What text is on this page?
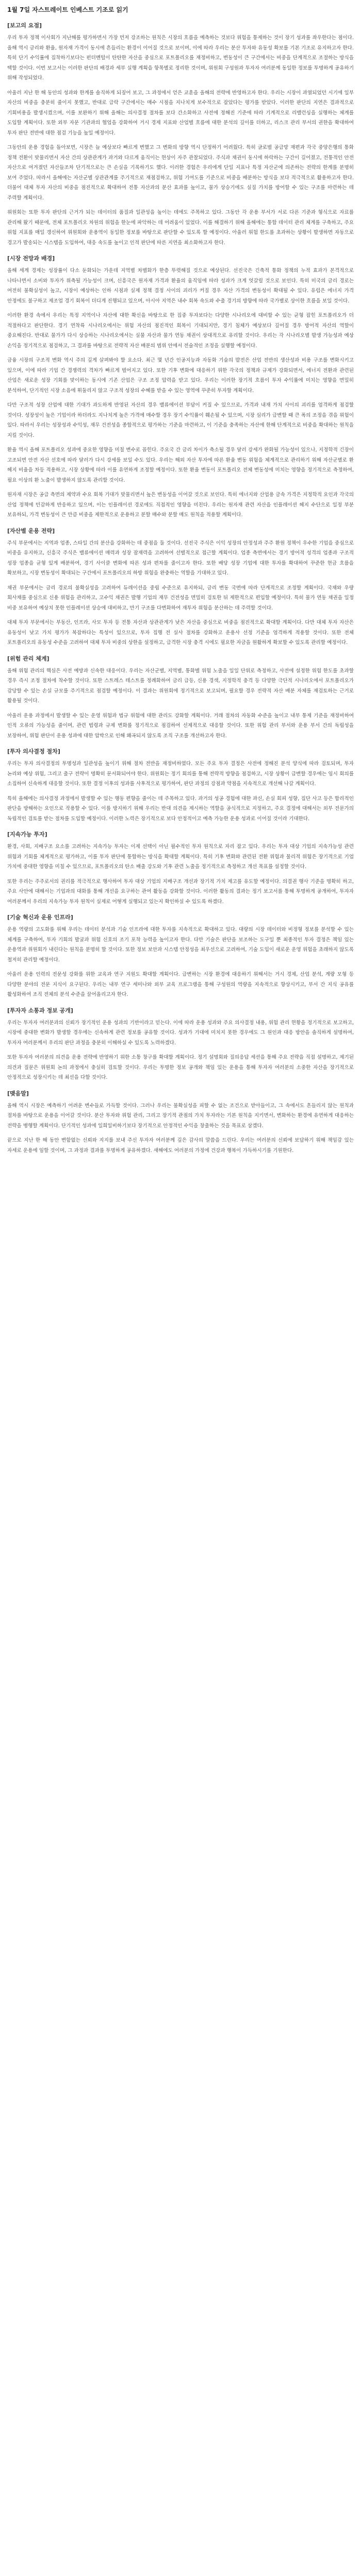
1월 7일 자스트레이트 인베스트 기조로 읽기
[보고의 요점]

우리 투자 정책 이사회가 지난해를 평가하면서 가장 먼저 강조하는 원칙은 시장의 흐름을 예측하는 것보다 위험을 통제하는 것이 장기 성과를 좌우한다는 점이다. 올해 역시 금리와 환율, 원자재 가격이 동시에 흔들리는 환경이 이어질 것으로 보이며, 이에 따라 우리는 분산 투자와 유동성 확보를 기본 기조로 유지하고자 한다. 특히 단기 수익률에 집착하기보다는 펀더멘털이 탄탄한 자산을 중심으로 포트폴리오를 재정비하고, 변동성이 큰 구간에서는 비중을 단계적으로 조절하는 방식을 택할 것이다. 이번 보고서는 이러한 판단의 배경과 세부 실행 계획을 항목별로 정리한 것이며, 위원회 구성원과 투자자 여러분께 동일한 정보를 투명하게 공유하기 위해 작성되었다.

아울러 지난 한 해 동안의 성과와 한계를 솔직하게 되짚어 보고, 그 과정에서 얻은 교훈을 올해의 전략에 반영하고자 한다. 우리는 시장이 과열되었던 시기에 일부 자산의 비중을 충분히 줄이지 못했고, 반대로 급락 구간에서는 매수 시점을 지나치게 보수적으로 잡았다는 평가를 받았다. 이러한 판단의 지연은 결과적으로 기회비용을 발생시켰으며, 이를 보완하기 위해 올해는 의사결정 절차를 보다 간소화하고 사전에 정해진 기준에 따라 기계적으로 리밸런싱을 실행하는 체계를 도입할 계획이다. 또한 외부 자문 기관과의 협업을 강화하여 거시 경제 지표와 산업별 흐름에 대한 분석의 깊이를 더하고, 리스크 관리 부서의 권한을 확대하여 투자 판단 전반에 대한 점검 기능을 높일 예정이다.

그동안의 운용 경험을 돌아보면, 시장은 늘 예상보다 빠르게 변했고 그 변화의 방향 역시 단정하기 어려웠다. 특히 글로벌 공급망 재편과 각국 중앙은행의 통화 정책 전환이 맞물리면서 자산 간의 상관관계가 과거와 다르게 움직이는 현상이 자주 관찰되었다. 주식과 채권이 동시에 하락하는 구간이 길어졌고, 전통적인 안전 자산으로 여겨졌던 자산들조차 단기적으로는 큰 손실을 기록하기도 했다. 이러한 경험은 우리에게 단일 지표나 특정 자산군에 의존하는 전략의 한계를 분명히 보여 주었다. 따라서 올해에는 자산군별 상관관계를 주기적으로 재점검하고, 위험 기여도를 기준으로 비중을 배분하는 방식을 보다 적극적으로 활용하고자 한다. 더불어 대체 투자 자산의 비중을 점진적으로 확대하여 전통 자산과의 분산 효과를 높이고, 물가 상승기에도 실질 가치를 방어할 수 있는 구조를 마련하는 데 주력할 계획이다.

위원회는 또한 투자 판단의 근거가 되는 데이터의 품질과 일관성을 높이는 데에도 주목하고 있다. 그동안 각 운용 부서가 서로 다른 기준과 형식으로 자료를 관리해 왔기 때문에, 전체 포트폴리오 차원의 위험을 한눈에 파악하는 데 어려움이 있었다. 이를 해결하기 위해 올해에는 통합 데이터 관리 체계를 구축하고, 주요 위험 지표를 매일 갱신하여 위원회와 운용역이 동일한 정보를 바탕으로 판단할 수 있도록 할 예정이다. 아울러 위험 한도를 초과하는 상황이 발생하면 자동으로 경고가 발송되는 시스템을 도입하여, 대응 속도를 높이고 인적 판단에 따른 지연을 최소화하고자 한다.

[시장 전망과 배경]

올해 세계 경제는 성장률이 다소 둔화되는 가운데 지역별 차별화가 한층 뚜렷해질 것으로 예상된다. 선진국은 긴축적 통화 정책의 누적 효과가 본격적으로 나타나면서 소비와 투자가 위축될 가능성이 크며, 신흥국은 원자재 가격과 환율의 움직임에 따라 성과가 크게 엇갈릴 것으로 보인다. 특히 미국의 금리 경로는 여전히 불확실성이 높고, 시장이 예상하는 인하 시점과 실제 정책 결정 사이의 괴리가 커질 경우 자산 가격의 변동성이 확대될 수 있다. 유럽은 에너지 가격 안정에도 불구하고 제조업 경기 회복이 더디게 진행되고 있으며, 아시아 지역은 내수 회복 속도와 수출 경기의 방향에 따라 국가별로 상이한 흐름을 보일 것이다.

이러한 환경 속에서 우리는 특정 지역이나 자산에 대한 확신을 바탕으로 한 집중 투자보다는 다양한 시나리오에 대비할 수 있는 균형 잡힌 포트폴리오가 더 적절하다고 판단한다. 경기 연착륙 시나리오에서는 위험 자산의 점진적인 회복이 기대되지만, 경기 침체가 예상보다 깊어질 경우 방어적 자산의 역할이 중요해진다. 반대로 물가가 다시 상승하는 시나리오에서는 실물 자산과 물가 연동 채권이 상대적으로 유리할 것이다. 우리는 각 시나리오별 발생 가능성과 예상 손익을 정기적으로 점검하고, 그 결과를 바탕으로 전략적 자산 배분의 범위 안에서 전술적인 조정을 실행할 예정이다.

금융 시장의 구조적 변화 역시 주의 깊게 살펴봐야 할 요소다. 최근 몇 년간 인공지능과 자동화 기술의 발전은 산업 전반의 생산성과 비용 구조를 변화시키고 있으며, 이에 따라 기업 간 경쟁력의 격차가 빠르게 벌어지고 있다. 또한 기후 변화에 대응하기 위한 각국의 정책과 규제가 강화되면서, 에너지 전환과 관련된 산업은 새로운 성장 기회를 맞이하는 동시에 기존 산업은 구조 조정 압력을 받고 있다. 우리는 이러한 장기적 흐름이 투자 수익률에 미치는 영향을 면밀히 분석하여, 단기적인 시장 소음에 휘둘리지 않고 구조적 성장의 수혜를 받을 수 있는 영역에 꾸준히 투자할 계획이다.

다만 구조적 성장 산업에 대한 기대가 과도하게 반영된 자산의 경우 밸류에이션 부담이 커질 수 있으므로, 가격과 내재 가치 사이의 괴리를 엄격하게 점검할 것이다. 성장성이 높은 기업이라 하더라도 지나치게 높은 가격에 매수할 경우 장기 수익률이 훼손될 수 있으며, 시장 심리가 급변할 때 큰 폭의 조정을 겪을 위험이 있다. 따라서 우리는 성장성과 수익성, 재무 건전성을 종합적으로 평가하는 기준을 마련하고, 이 기준을 충족하는 자산에 한해 단계적으로 비중을 확대하는 원칙을 지킬 것이다.

환율 역시 올해 포트폴리오 성과에 중요한 영향을 미칠 변수로 꼽힌다. 주요국 간 금리 차이가 축소될 경우 달러 강세가 완화될 가능성이 있으나, 지정학적 긴장이 고조되면 안전 자산 선호에 따라 달러가 다시 강세를 보일 수도 있다. 우리는 해외 자산 투자에 따른 환율 변동 위험을 체계적으로 관리하기 위해 자산군별로 환 헤지 비율을 차등 적용하고, 시장 상황에 따라 이를 유연하게 조정할 예정이다. 또한 환율 변동이 포트폴리오 전체 변동성에 미치는 영향을 정기적으로 측정하여, 필요 이상의 환 노출이 발생하지 않도록 관리할 것이다.

원자재 시장은 공급 측면의 제약과 수요 회복 기대가 맞물리면서 높은 변동성을 이어갈 것으로 보인다. 특히 에너지와 산업용 금속 가격은 지정학적 요인과 각국의 산업 정책에 민감하게 반응하고 있으며, 이는 인플레이션 경로에도 직접적인 영향을 미친다. 우리는 원자재 관련 자산을 인플레이션 헤지 수단으로 일정 부분 보유하되, 가격 변동성이 큰 만큼 비중을 제한적으로 운용하고 분할 매수와 분할 매도 원칙을 적용할 계획이다.

[자산별 운용 전략]

주식 부문에서는 지역과 업종, 스타일 간의 분산을 강화하는 데 중점을 둘 것이다. 선진국 주식은 이익 성장의 안정성과 주주 환원 정책이 우수한 기업을 중심으로 비중을 유지하고, 신흥국 주식은 밸류에이션 매력과 성장 잠재력을 고려하여 선별적으로 접근할 계획이다. 업종 측면에서는 경기 방어적 성격의 업종과 구조적 성장 업종을 균형 있게 배분하여, 경기 사이클 변화에 따른 성과 편차를 줄이고자 한다. 또한 배당 성장 기업에 대한 투자를 확대하여 꾸준한 현금 흐름을 확보하고, 시장 변동성이 확대되는 구간에서 포트폴리오의 하방 위험을 완충하는 역할을 기대하고 있다.

채권 부문에서는 금리 경로의 불확실성을 고려하여 듀레이션을 중립 수준으로 유지하되, 금리 변동 국면에 따라 단계적으로 조정할 계획이다. 국채와 우량 회사채를 중심으로 신용 위험을 관리하고, 고수익 채권은 발행 기업의 재무 건전성을 면밀히 검토한 뒤 제한적으로 편입할 예정이다. 특히 물가 연동 채권을 일정 비중 보유하여 예상치 못한 인플레이션 상승에 대비하고, 만기 구조를 다변화하여 재투자 위험을 분산하는 데 주력할 것이다.

대체 투자 부문에서는 부동산, 인프라, 사모 투자 등 전통 자산과 상관관계가 낮은 자산을 중심으로 비중을 점진적으로 확대할 계획이다. 다만 대체 투자 자산은 유동성이 낮고 가치 평가가 복잡하다는 특성이 있으므로, 투자 집행 전 실사 절차를 강화하고 운용사 선정 기준을 엄격하게 적용할 것이다. 또한 전체 포트폴리오의 유동성 수준을 고려하여 대체 투자 비중의 상한을 설정하고, 급격한 시장 충격 시에도 필요한 자금을 원활하게 확보할 수 있도록 관리할 예정이다.

[위험 관리 체계]

올해 위험 관리의 핵심은 사전 예방과 신속한 대응이다. 우리는 자산군별, 지역별, 통화별 위험 노출을 일일 단위로 측정하고, 사전에 설정한 위험 한도를 초과할 경우 즉시 조정 절차에 착수할 것이다. 또한 스트레스 테스트를 정례화하여 금리 급등, 신용 경색, 지정학적 충격 등 다양한 극단적 시나리오에서 포트폴리오가 감당할 수 있는 손실 규모를 주기적으로 점검할 예정이다. 이 결과는 위원회에 정기적으로 보고되며, 필요할 경우 전략적 자산 배분 자체를 재검토하는 근거로 활용될 것이다.

아울러 운용 과정에서 발생할 수 있는 운영 위험과 법규 위험에 대한 관리도 강화할 계획이다. 거래 절차의 자동화 수준을 높이고 내부 통제 기준을 재정비하여 인적 오류의 가능성을 줄이며, 관련 법령과 규제 변화를 정기적으로 점검하여 선제적으로 대응할 것이다. 또한 위험 관리 부서와 운용 부서 간의 독립성을 보장하여, 위험 판단이 운용 성과에 대한 압박으로 인해 왜곡되지 않도록 조직 구조를 개선하고자 한다.

[투자 의사결정 절차]

우리는 투자 의사결정의 투명성과 일관성을 높이기 위해 절차 전반을 재정비하였다. 모든 주요 투자 결정은 사전에 정해진 분석 양식에 따라 검토되며, 투자 논리와 예상 위험, 그리고 출구 전략이 명확히 문서화되어야 한다. 위원회는 정기 회의를 통해 전략적 방향을 점검하고, 시장 상황이 급변할 경우에는 임시 회의를 소집하여 신속하게 대응할 것이다. 또한 결정 이후의 성과를 사후적으로 평가하여, 판단 과정의 강점과 약점을 지속적으로 개선해 나갈 계획이다.

특히 올해에는 의사결정 과정에서 발생할 수 있는 행동 편향을 줄이는 데 주목하고 있다. 과거의 성공 경험에 대한 과신, 손실 회피 성향, 집단 사고 등은 합리적인 판단을 방해하는 요인으로 작용할 수 있다. 이를 방지하기 위해 우리는 반대 의견을 제시하는 역할을 공식적으로 지정하고, 주요 결정에 대해서는 외부 전문가의 독립적인 검토를 받는 절차를 도입할 예정이다. 이러한 노력은 장기적으로 보다 안정적이고 예측 가능한 운용 성과로 이어질 것이라 기대한다.

[지속가능 투자]

환경, 사회, 지배구조 요소를 고려하는 지속가능 투자는 이제 선택이 아닌 필수적인 투자 원칙으로 자리 잡고 있다. 우리는 투자 대상 기업의 지속가능성 관련 위험과 기회를 체계적으로 평가하고, 이를 투자 판단에 통합하는 방식을 확대할 계획이다. 특히 기후 변화와 관련된 전환 위험과 물리적 위험은 장기적으로 기업 가치에 중대한 영향을 미칠 수 있으므로, 포트폴리오의 탄소 배출 강도와 기후 관련 노출을 정기적으로 측정하고 개선 목표를 설정할 것이다.

또한 우리는 주주로서의 권리를 적극적으로 행사하여 투자 대상 기업의 지배구조 개선과 장기적 가치 제고를 유도할 예정이다. 의결권 행사 기준을 명확히 하고, 주요 사안에 대해서는 기업과의 대화를 통해 개선을 요구하는 관여 활동을 강화할 것이다. 이러한 활동의 결과는 정기 보고서를 통해 투명하게 공개하여, 투자자 여러분께서 우리의 지속가능 투자 원칙이 실제로 어떻게 실행되고 있는지 확인하실 수 있도록 하겠다.

[기술 혁신과 운용 인프라]

운용 역량의 고도화를 위해 우리는 데이터 분석과 기술 인프라에 대한 투자를 지속적으로 확대하고 있다. 대량의 시장 데이터와 비정형 정보를 분석할 수 있는 체계를 구축하여, 투자 기회의 발굴과 위험 신호의 조기 포착 능력을 높이고자 한다. 다만 기술은 판단을 보조하는 도구일 뿐 최종적인 투자 결정은 책임 있는 운용역과 위원회가 내린다는 원칙을 분명히 할 것이다. 또한 정보 보안과 시스템 안정성을 최우선으로 고려하여, 기술 도입이 새로운 운영 위험을 초래하지 않도록 철저히 관리할 예정이다.

아울러 운용 인력의 전문성 강화를 위한 교육과 연구 지원도 확대할 계획이다. 급변하는 시장 환경에 대응하기 위해서는 거시 경제, 산업 분석, 계량 모형 등 다양한 분야의 전문 지식이 요구된다. 우리는 내부 연구 세미나와 외부 교육 프로그램을 통해 구성원의 역량을 지속적으로 향상시키고, 부서 간 지식 공유를 활성화하여 조직 전체의 분석 수준을 끌어올리고자 한다.

[투자자 소통과 정보 공개]

우리는 투자자 여러분과의 신뢰가 장기적인 운용 성과의 기반이라고 믿는다. 이에 따라 운용 성과와 주요 의사결정 내용, 위험 관리 현황을 정기적으로 보고하고, 시장에 중대한 변화가 발생할 경우에는 신속하게 관련 정보를 공유할 것이다. 성과가 기대에 미치지 못한 경우에도 그 원인과 대응 방안을 솔직하게 설명하여, 투자자 여러분께서 우리의 판단 과정을 충분히 이해하실 수 있도록 노력하겠다.

또한 투자자 여러분의 의견을 운용 전략에 반영하기 위한 소통 창구를 확대할 계획이다. 정기 설명회와 질의응답 세션을 통해 주요 전략을 직접 설명하고, 제기된 의견과 질문은 위원회 논의 과정에서 충실히 검토할 것이다. 우리는 투명한 정보 공개와 책임 있는 운용을 통해 투자자 여러분의 소중한 자산을 장기적으로 안정적으로 성장시키는 데 최선을 다할 것이다.

[맺음말]

올해 역시 시장은 예측하기 어려운 변수들로 가득할 것이다. 그러나 우리는 불확실성을 피할 수 없는 조건으로 받아들이고, 그 속에서도 흔들리지 않는 원칙과 절차를 바탕으로 운용을 이어갈 것이다. 분산 투자와 위험 관리, 그리고 장기적 관점의 가치 투자라는 기본 원칙을 지키면서, 변화하는 환경에 유연하게 대응하는 전략을 병행할 계획이다. 단기적인 성과에 일희일비하기보다 장기적으로 안정적인 수익을 창출하는 것을 목표로 삼겠다.

끝으로 지난 한 해 동안 변함없는 신뢰와 지지를 보내 주신 투자자 여러분께 깊은 감사의 말씀을 드린다. 우리는 여러분의 신뢰에 보답하기 위해 책임감 있는 자세로 운용에 임할 것이며, 그 과정과 결과를 투명하게 공유하겠다. 새해에도 여러분의 가정에 건강과 행복이 가득하시기를 기원한다.
